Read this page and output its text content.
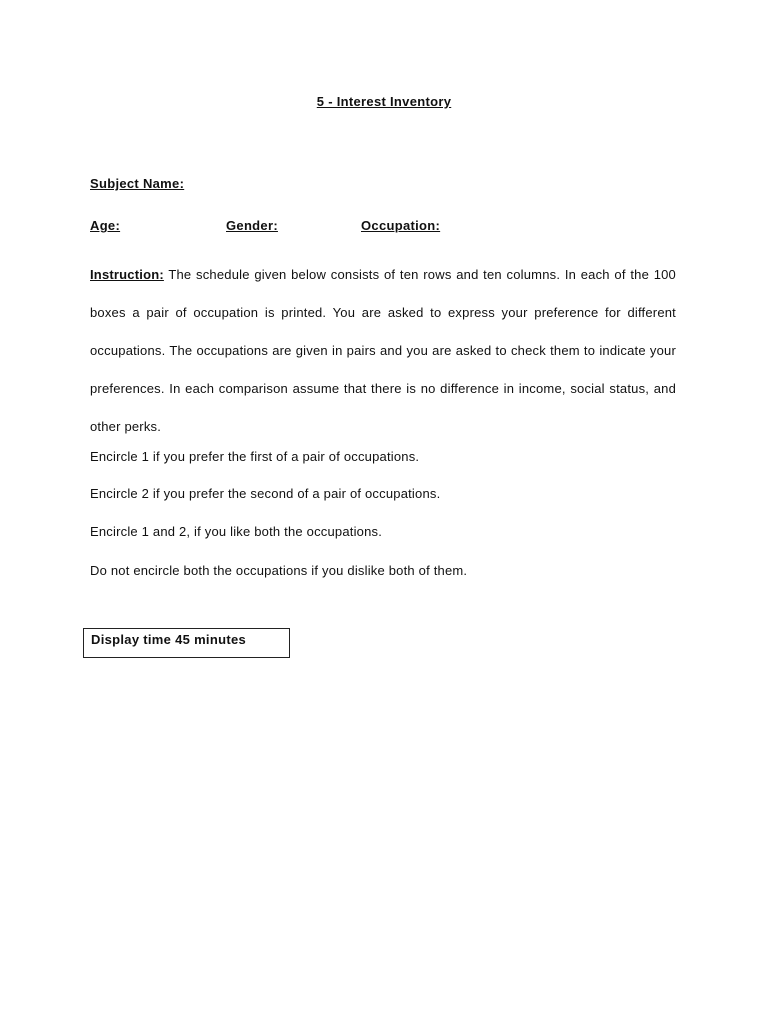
5 - Interest Inventory
Subject Name:
Age:	Gender:	Occupation:

Instruction: The schedule given below consists of ten rows and ten columns. In each of the 100 boxes a pair of occupation is printed. You are asked to express your preference for different occupations. The occupations are given in pairs and you are asked to check them to indicate your preferences. In each comparison assume that there is no difference in income, social status, and other perks.

Encircle 1 if you prefer the first of a pair of occupations.

Encircle 2 if you prefer the second of a pair of occupations.

Encircle 1 and 2, if you like both the occupations.

Do not encircle both the occupations if you dislike both of them.

Display time 45 minutes
